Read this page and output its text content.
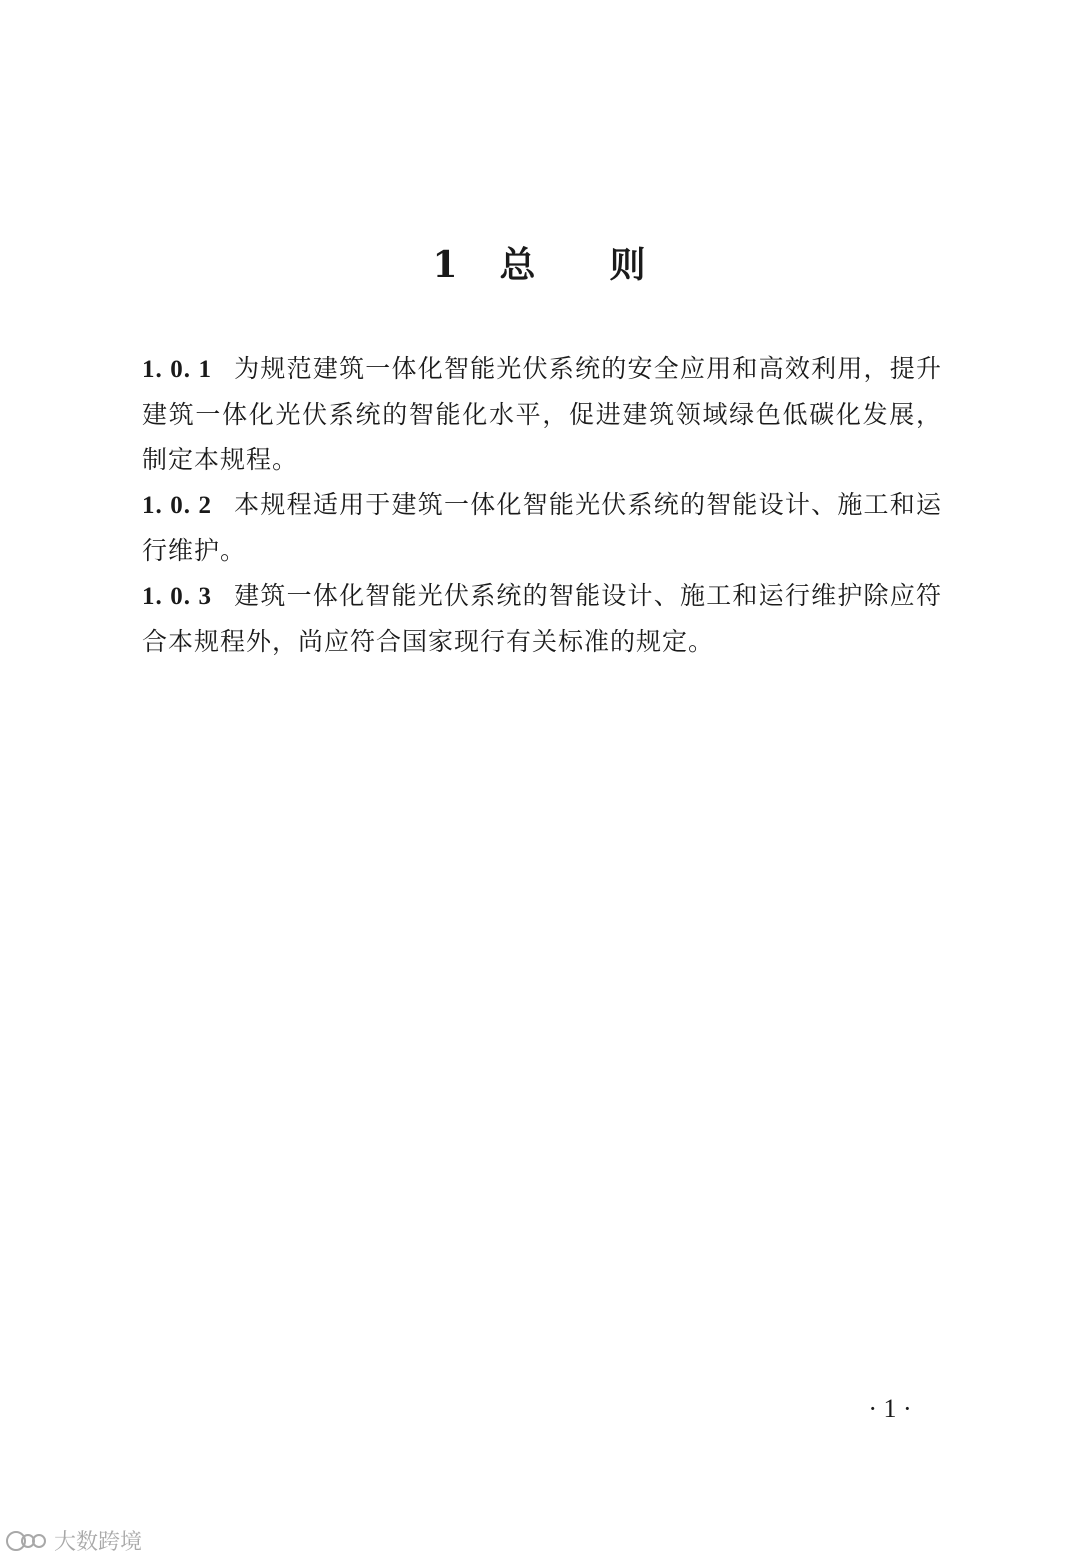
1 总 则

1. 0. 1 为规范建筑一体化智能光伏系统的安全应用和高效利用，提升建筑一体化光伏系统的智能化水平，促进建筑领域绿色低碳化发展，制定本规程。

1. 0. 2 本规程适用于建筑一体化智能光伏系统的智能设计、施工和运行维护。

1. 0. 3 建筑一体化智能光伏系统的智能设计、施工和运行维护除应符合本规程外，尚应符合国家现行有关标准的规定。

· 1 ·
大数跨境
